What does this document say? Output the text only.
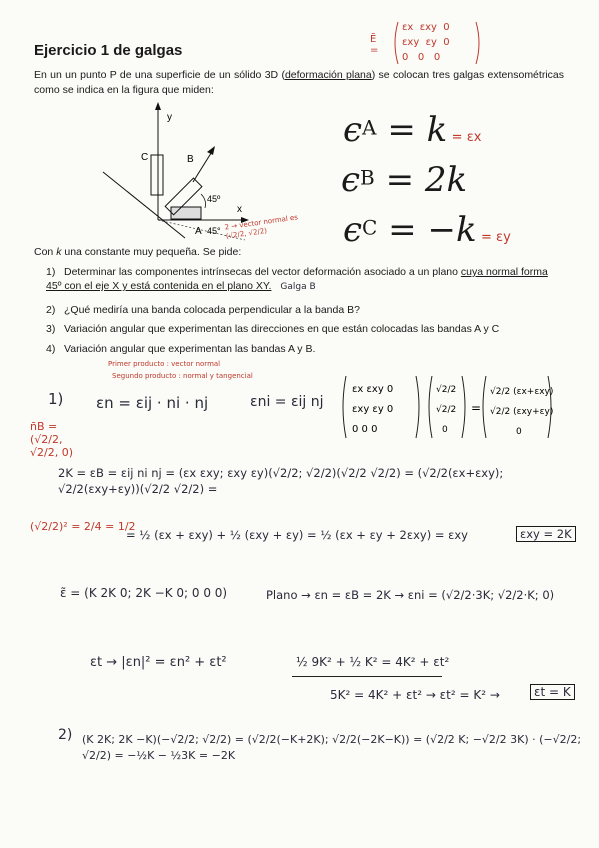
Ejercicio 1 de galgas
Ẽ =
εx εxy 0
εxy εy 0
0 0 0
En un un punto P de una superficie de un sólido 3D (deformación plana) se colocan tres galgas extensométricas como se indica en la figura que miden:
y
x
C	B
45º
A 45° 2 → vector normal es (√2/2, √2/2)
$\epsilon^A = k = \varepsilon x$
$\epsilon^B = 2k$
$\epsilon^C = -k = \varepsilon y$
Con k una constante muy pequeña. Se pide:
1) Determinar las componentes intrínsecas del vector deformación asociado a un plano cuya normal forma 45º con el eje X y está contenida en el plano XY. Galga B
2) ¿Qué mediría una banda colocada perpendicular a la banda B?
3) Variación angular que experimentan las direcciones en que están colocadas las bandas A y C
4) Variación angular que experimentan las bandas A y B.
Primer producto : vector normal
Segundo producto : normal y tangencial
1) εn = εij · ni · nj	εni = εij nj
εx εxy 0
εxy εy 0
0 0 0
√2/2
√2/2
0
=
√2/2 (εx+εxy)
√2/2 (εxy+εy)
0
n̄B = (√2/2, √2/2, 0)
2K = εB = εij ni nj = (εx εxy; εxy εy)(√2/2; √2/2)(√2/2 √2/2) = (√2/2(εx+εxy); √2/2(εxy+εy))(√2/2 √2/2) =
(√2/2)² = 2/4 = 1/2
= ½ (εx + εxy) + ½ (εxy + εy) = ½ (εx + εy + 2εxy) = εxy	εxy = 2K
ε̃ = (K 2K 0; 2K −K 0; 0 0 0)	Plano → εn = εB = 2K → εni = (√2/2·3K; √2/2·K; 0)
εt → |εn|² = εn² + εt²	½ 9K² + ½ K² = 4K² + εt²
5K² = 4K² + εt² → εt² = K² →	εt = K
2) (K 2K; 2K −K)(−√2/2; √2/2) = (√2/2(−K+2K); √2/2(−2K−K)) = (√2/2 K; −√2/2 3K) · (−√2/2; √2/2) = −½K − ½3K = −2K
